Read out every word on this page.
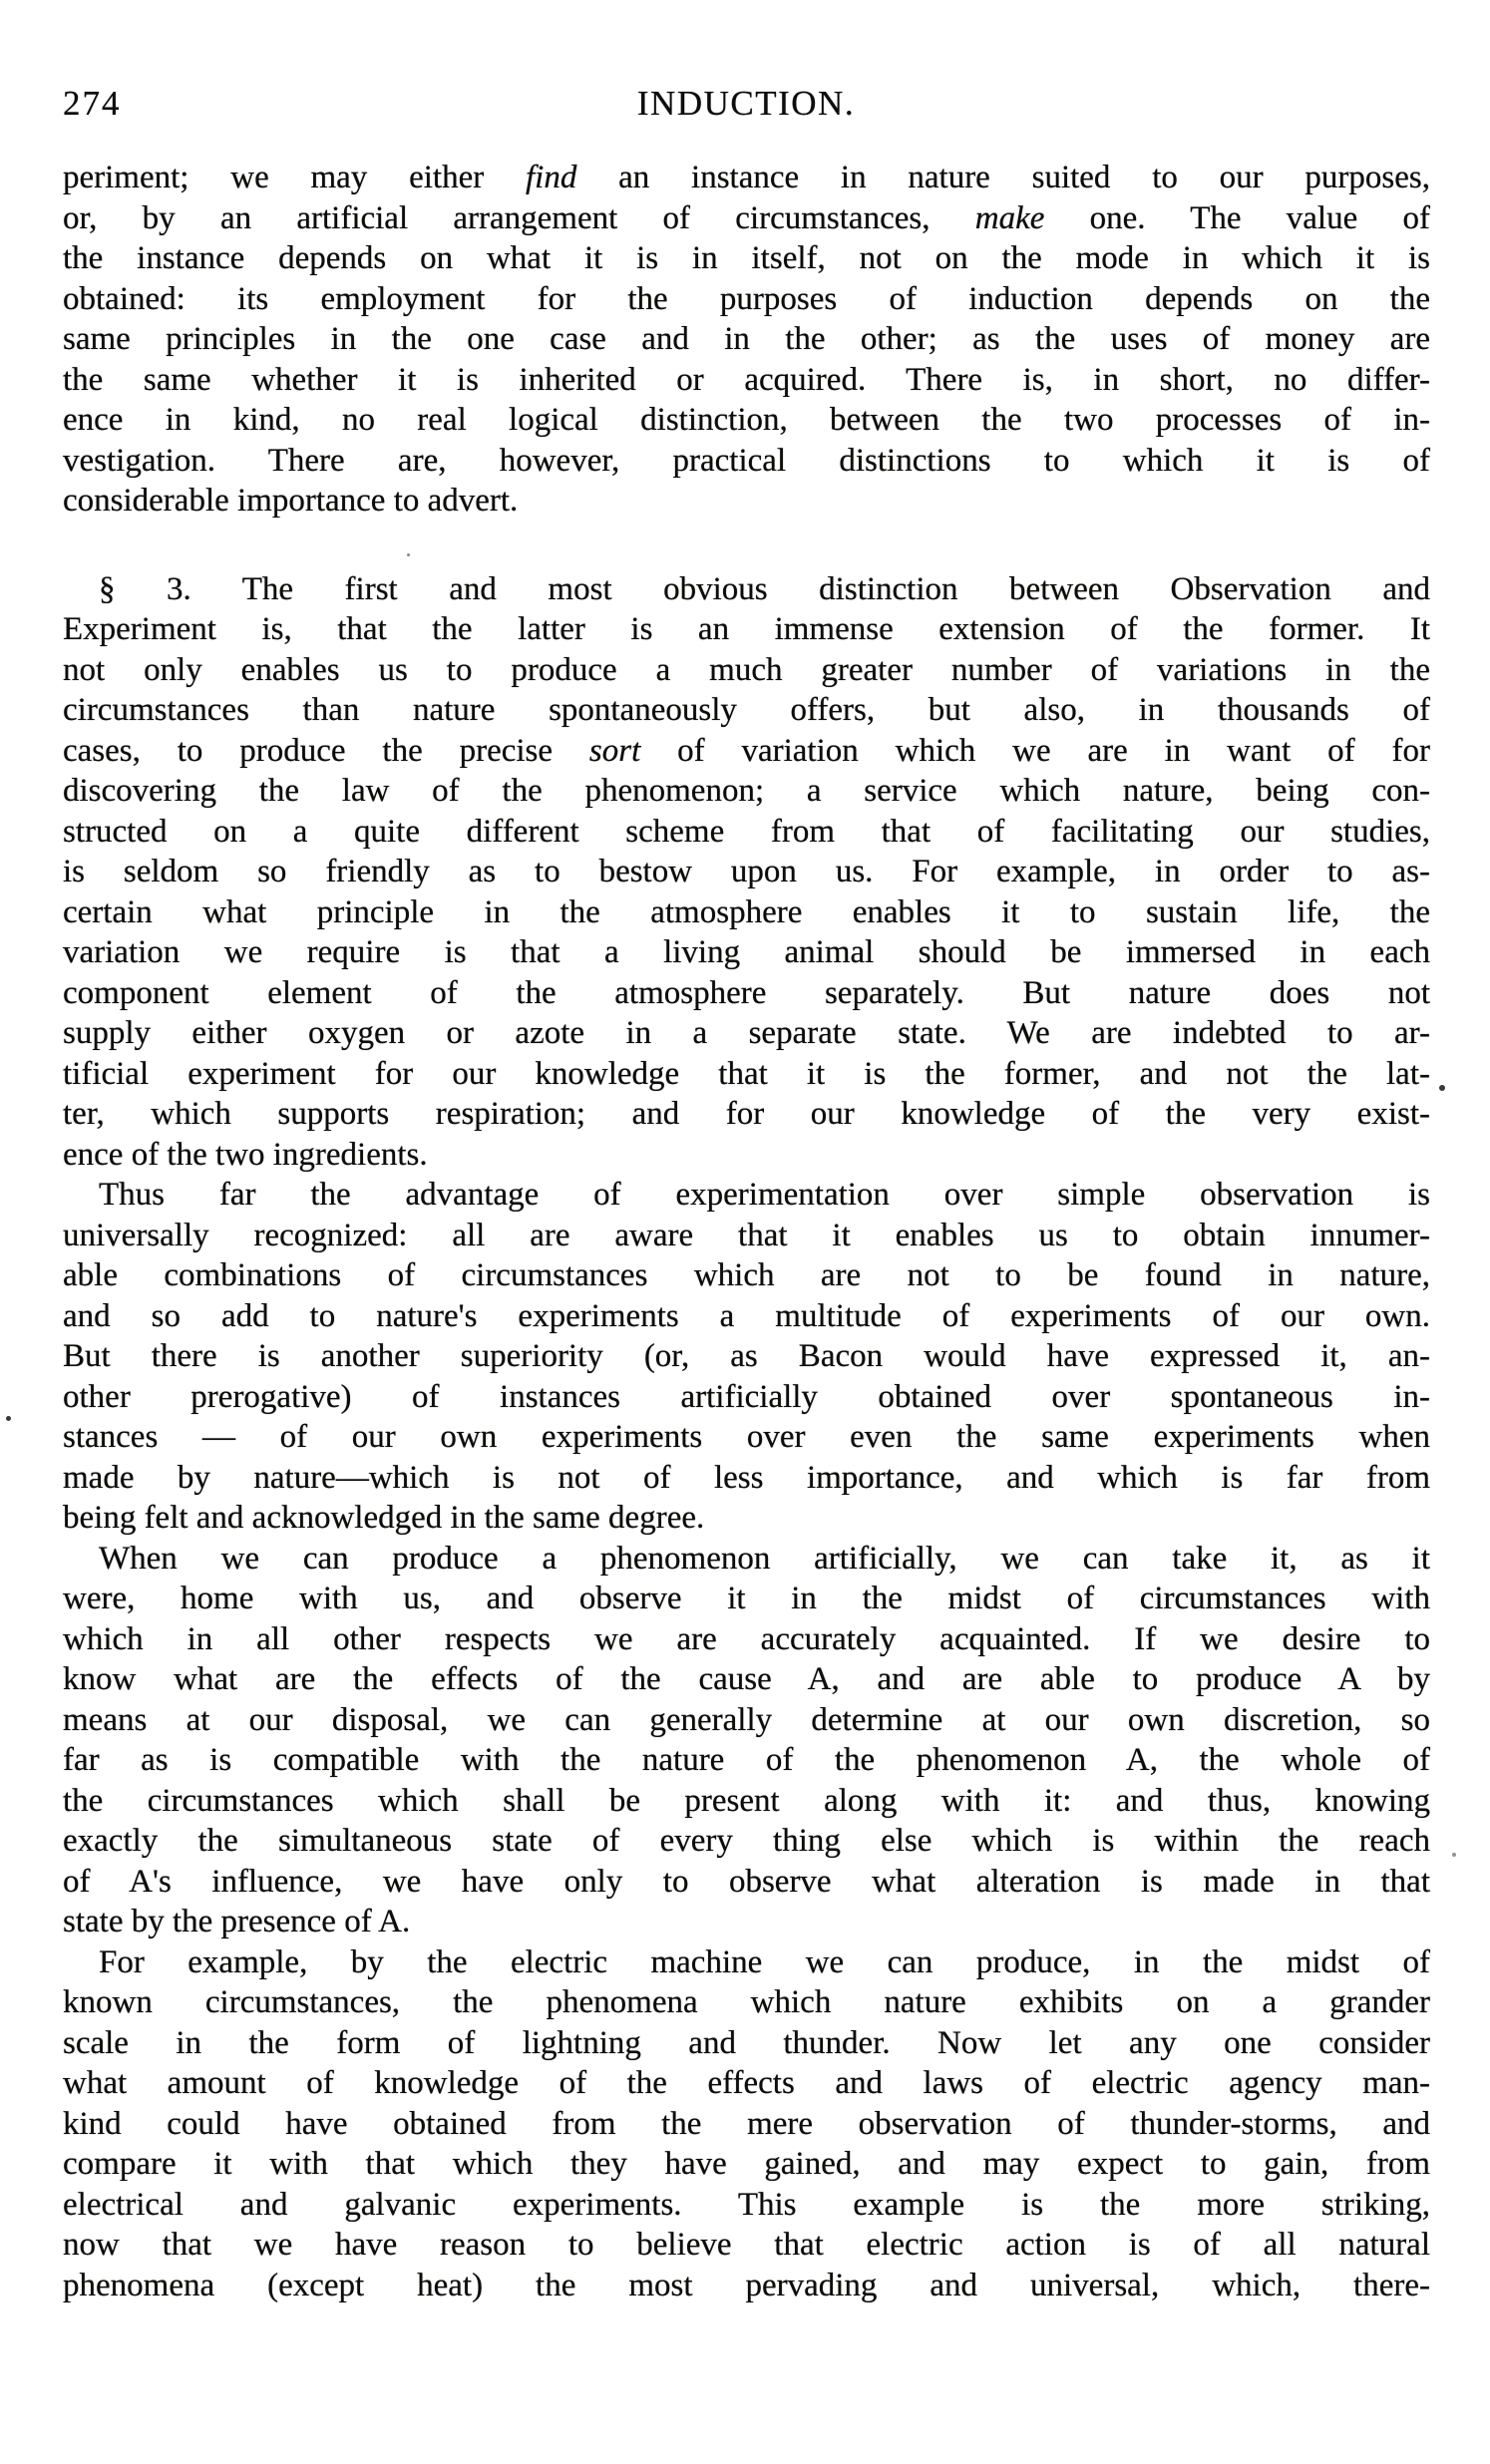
274	INDUCTION.
periment; we may either find an instance in nature suited to our purposes,
or, by an artificial arrangement of circumstances, make one. The value of
the instance depends on what it is in itself, not on the mode in which it is
obtained: its employment for the purposes of induction depends on the
same principles in the one case and in the other; as the uses of money are
the same whether it is inherited or acquired. There is, in short, no differ-
ence in kind, no real logical distinction, between the two processes of in-
vestigation. There are, however, practical distinctions to which it is of
considerable importance to advert.
§ 3. The first and most obvious distinction between Observation and
Experiment is, that the latter is an immense extension of the former. It
not only enables us to produce a much greater number of variations in the
circumstances than nature spontaneously offers, but also, in thousands of
cases, to produce the precise sort of variation which we are in want of for
discovering the law of the phenomenon; a service which nature, being con-
structed on a quite different scheme from that of facilitating our studies,
is seldom so friendly as to bestow upon us. For example, in order to as-
certain what principle in the atmosphere enables it to sustain life, the
variation we require is that a living animal should be immersed in each
component element of the atmosphere separately. But nature does not
supply either oxygen or azote in a separate state. We are indebted to ar-
tificial experiment for our knowledge that it is the former, and not the lat-
ter, which supports respiration; and for our knowledge of the very exist-
ence of the two ingredients.
Thus far the advantage of experimentation over simple observation is
universally recognized: all are aware that it enables us to obtain innumer-
able combinations of circumstances which are not to be found in nature,
and so add to nature's experiments a multitude of experiments of our own.
But there is another superiority (or, as Bacon would have expressed it, an-
other prerogative) of instances artificially obtained over spontaneous in-
stances — of our own experiments over even the same experiments when
made by nature—which is not of less importance, and which is far from
being felt and acknowledged in the same degree.
When we can produce a phenomenon artificially, we can take it, as it
were, home with us, and observe it in the midst of circumstances with
which in all other respects we are accurately acquainted. If we desire to
know what are the effects of the cause A, and are able to produce A by
means at our disposal, we can generally determine at our own discretion, so
far as is compatible with the nature of the phenomenon A, the whole of
the circumstances which shall be present along with it: and thus, knowing
exactly the simultaneous state of every thing else which is within the reach
of A's influence, we have only to observe what alteration is made in that
state by the presence of A.
For example, by the electric machine we can produce, in the midst of
known circumstances, the phenomena which nature exhibits on a grander
scale in the form of lightning and thunder. Now let any one consider
what amount of knowledge of the effects and laws of electric agency man-
kind could have obtained from the mere observation of thunder-storms, and
compare it with that which they have gained, and may expect to gain, from
electrical and galvanic experiments. This example is the more striking,
now that we have reason to believe that electric action is of all natural
phenomena (except heat) the most pervading and universal, which, there-
